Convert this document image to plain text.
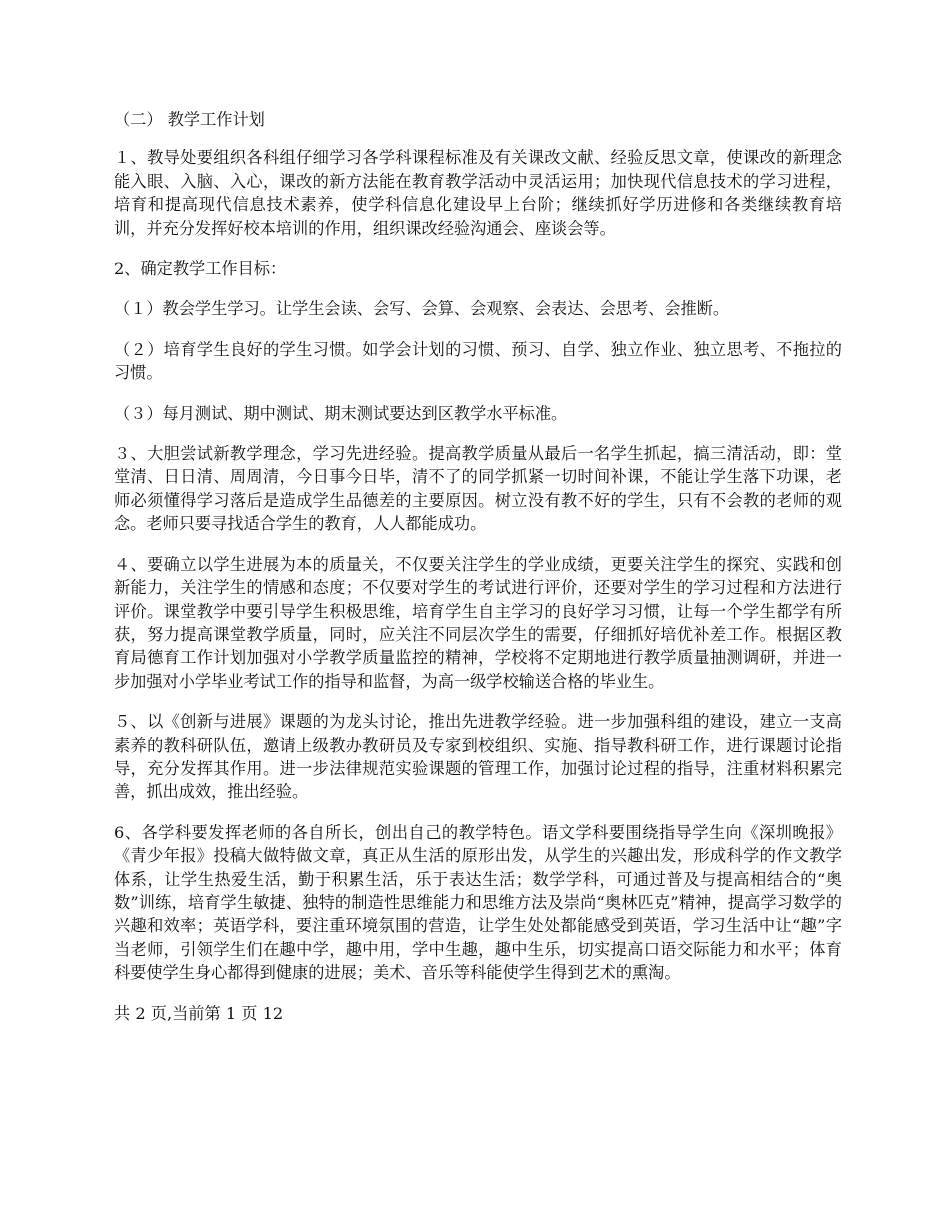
（二） 教学工作计划

１、教导处要组织各科组仔细学习各学科课程标准及有关课改文献、经验反思文章，使课改的新理念能入眼、入脑、入心，课改的新方法能在教育教学活动中灵活运用；加快现代信息技术的学习进程，培育和提高现代信息技术素养，使学科信息化建设早上台阶；继续抓好学历进修和各类继续教育培训，并充分发挥好校本培训的作用，组织课改经验沟通会、座谈会等。

2、确定教学工作目标：

（１）教会学生学习。让学生会读、会写、会算、会观察、会表达、会思考、会推断。

（２）培育学生良好的学生习惯。如学会计划的习惯、预习、自学、独立作业、独立思考、不拖拉的习惯。

（３）每月测试、期中测试、期末测试要达到区教学水平标准。

３、大胆尝试新教学理念，学习先进经验。提高教学质量从最后一名学生抓起，搞三清活动，即：堂堂清、日日清、周周清，今日事今日毕，清不了的同学抓紧一切时间补课，不能让学生落下功课，老师必须懂得学习落后是造成学生品德差的主要原因。树立没有教不好的学生，只有不会教的老师的观念。老师只要寻找适合学生的教育，人人都能成功。

４、要确立以学生进展为本的质量关，不仅要关注学生的学业成绩，更要关注学生的探究、实践和创新能力，关注学生的情感和态度；不仅要对学生的考试进行评价，还要对学生的学习过程和方法进行评价。课堂教学中要引导学生积极思维，培育学生自主学习的良好学习习惯，让每一个学生都学有所获，努力提高课堂教学质量，同时，应关注不同层次学生的需要，仔细抓好培优补差工作。根据区教育局德育工作计划加强对小学教学质量监控的精神，学校将不定期地进行教学质量抽测调研，并进一步加强对小学毕业考试工作的指导和监督，为高一级学校输送合格的毕业生。

５、以《创新与进展》课题的为龙头讨论，推出先进教学经验。进一步加强科组的建设，建立一支高素养的教科研队伍，邀请上级教办教研员及专家到校组织、实施、指导教科研工作，进行课题讨论指导，充分发挥其作用。进一步法律规范实验课题的管理工作，加强讨论过程的指导，注重材料积累完善，抓出成效，推出经验。

6、各学科要发挥老师的各自所长，创出自己的教学特色。语文学科要围绕指导学生向《深圳晚报》《青少年报》投稿大做特做文章，真正从生活的原形出发，从学生的兴趣出发，形成科学的作文教学体系，让学生热爱生活，勤于积累生活，乐于表达生活；数学学科，可通过普及与提高相结合的“奥数”训练，培育学生敏捷、独特的制造性思维能力和思维方法及崇尚“奥林匹克”精神，提高学习数学的兴趣和效率；英语学科，要注重环境氛围的营造，让学生处处都能感受到英语，学习生活中让“趣”字当老师，引领学生们在趣中学，趣中用，学中生趣，趣中生乐，切实提高口语交际能力和水平；体育科要使学生身心都得到健康的进展；美术、音乐等科能使学生得到艺术的熏淘。

共 2 页,当前第 1 页 12
